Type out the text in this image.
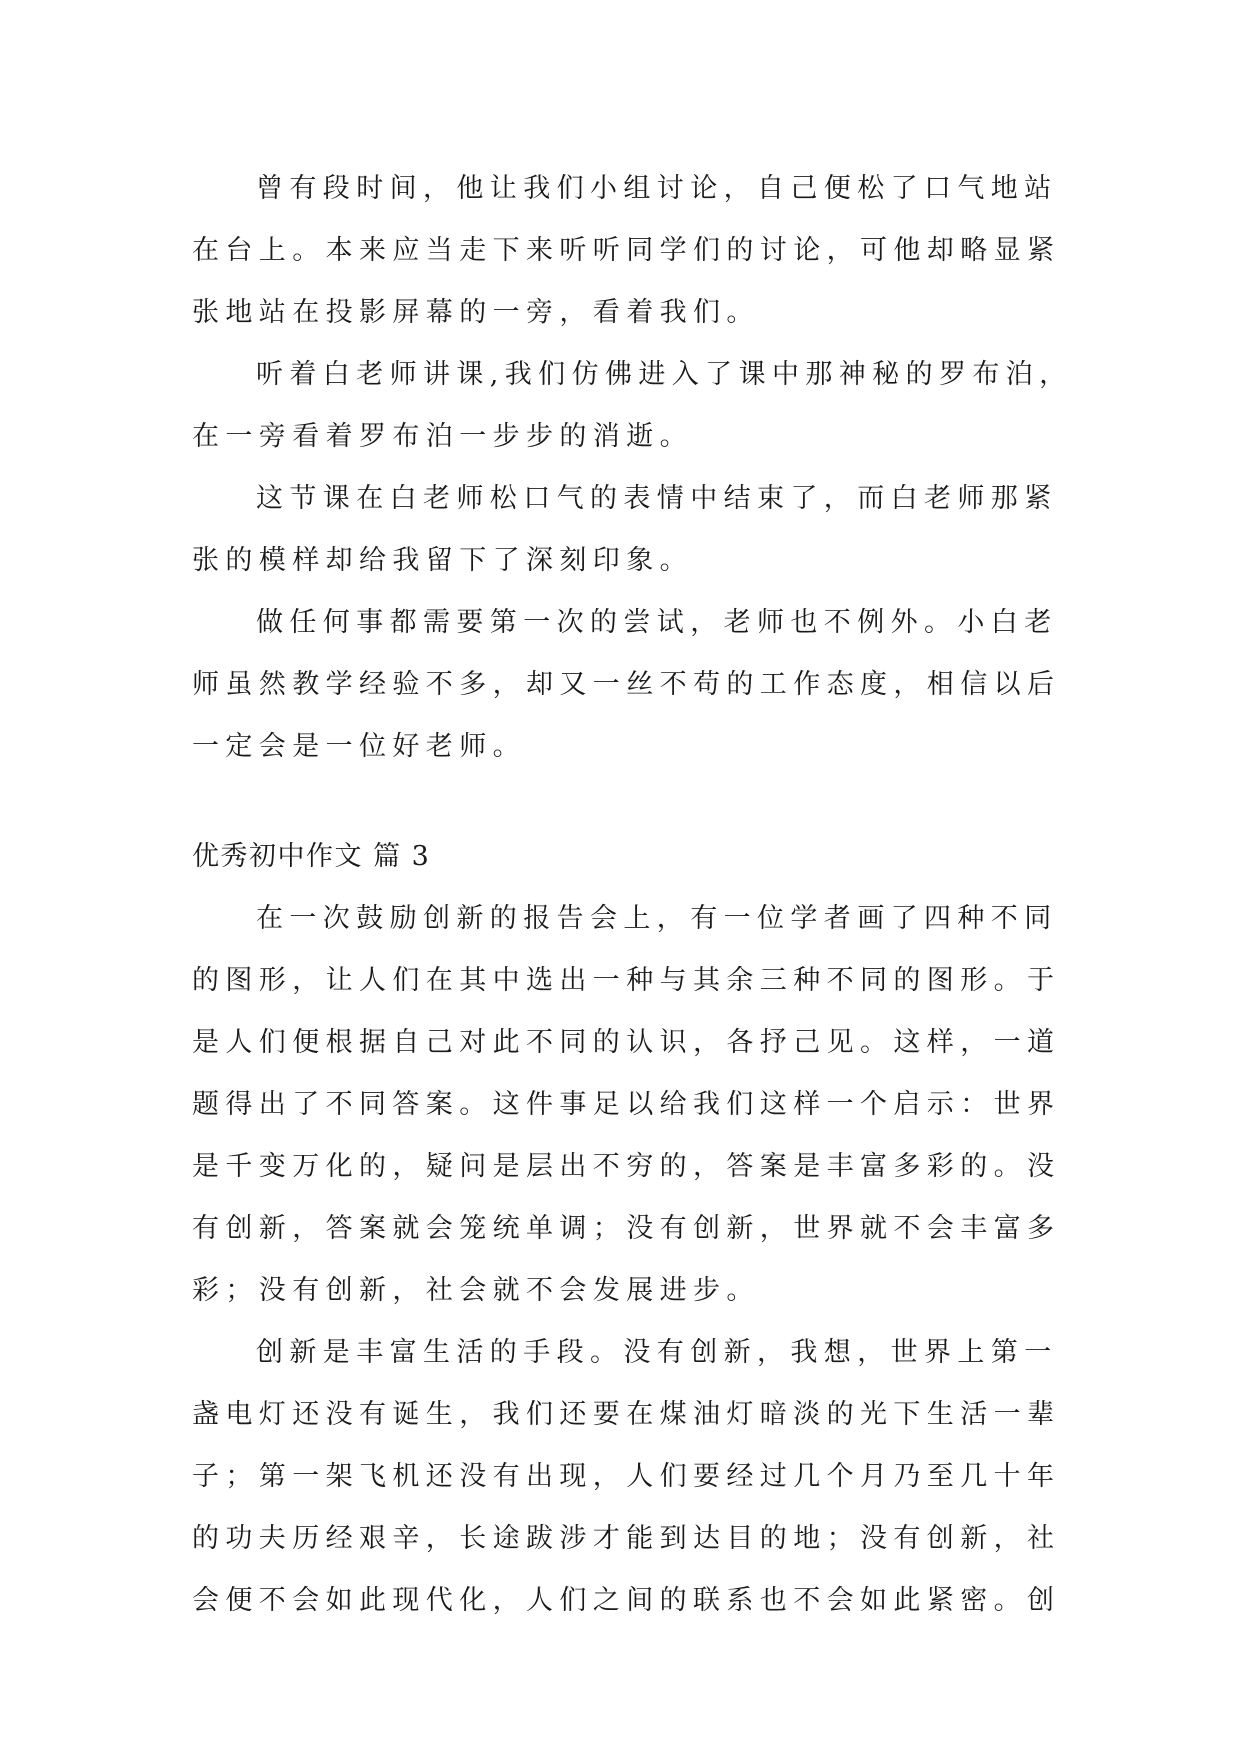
曾有段时间，他让我们小组讨论，自己便松了口气地站
在台上。本来应当走下来听听同学们的讨论，可他却略显紧
张地站在投影屏幕的一旁，看着我们。
听着白老师讲课,我们仿佛进入了课中那神秘的罗布泊，
在一旁看着罗布泊一步步的消逝。
这节课在白老师松口气的表情中结束了，而白老师那紧
张的模样却给我留下了深刻印象。
做任何事都需要第一次的尝试，老师也不例外。小白老
师虽然教学经验不多，却又一丝不苟的工作态度，相信以后
一定会是一位好老师。
优秀初中作文 篇 3
在一次鼓励创新的报告会上，有一位学者画了四种不同
的图形，让人们在其中选出一种与其余三种不同的图形。于
是人们便根据自己对此不同的认识，各抒己见。这样，一道
题得出了不同答案。这件事足以给我们这样一个启示：世界
是千变万化的，疑问是层出不穷的，答案是丰富多彩的。没
有创新，答案就会笼统单调；没有创新，世界就不会丰富多
彩；没有创新，社会就不会发展进步。
创新是丰富生活的手段。没有创新，我想，世界上第一
盏电灯还没有诞生，我们还要在煤油灯暗淡的光下生活一辈
子；第一架飞机还没有出现，人们要经过几个月乃至几十年
的功夫历经艰辛，长途跋涉才能到达目的地；没有创新，社
会便不会如此现代化，人们之间的联系也不会如此紧密。创
